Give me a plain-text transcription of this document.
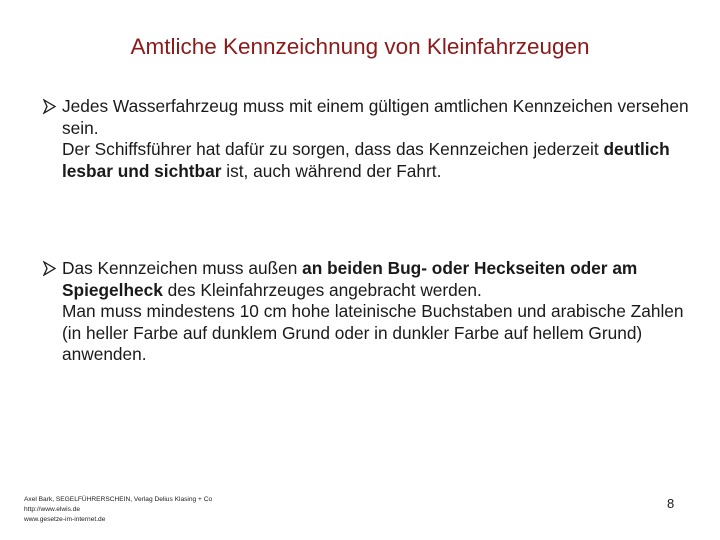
Amtliche Kennzeichnung von Kleinfahrzeugen

Jedes Wasserfahrzeug muss mit einem gültigen amtlichen Kennzeichen versehen sein.

Der Schiffsführer hat dafür zu sorgen, dass das Kennzeichen jederzeit deutlich lesbar und sichtbar ist, auch während der Fahrt.

Das Kennzeichen muss außen an beiden Bug- oder Heckseiten oder am Spiegelheck des Kleinfahrzeuges angebracht werden.

Man muss mindestens 10 cm hohe lateinische Buchstaben und arabische Zahlen (in heller Farbe auf dunklem Grund oder in dunkler Farbe auf hellem Grund) anwenden.

Axel Bark, SEGELFÜHRERSCHEIN, Verlag Delius Klasing + Co
http://www.elwis.de
www.gesetze-im-internet.de
8
